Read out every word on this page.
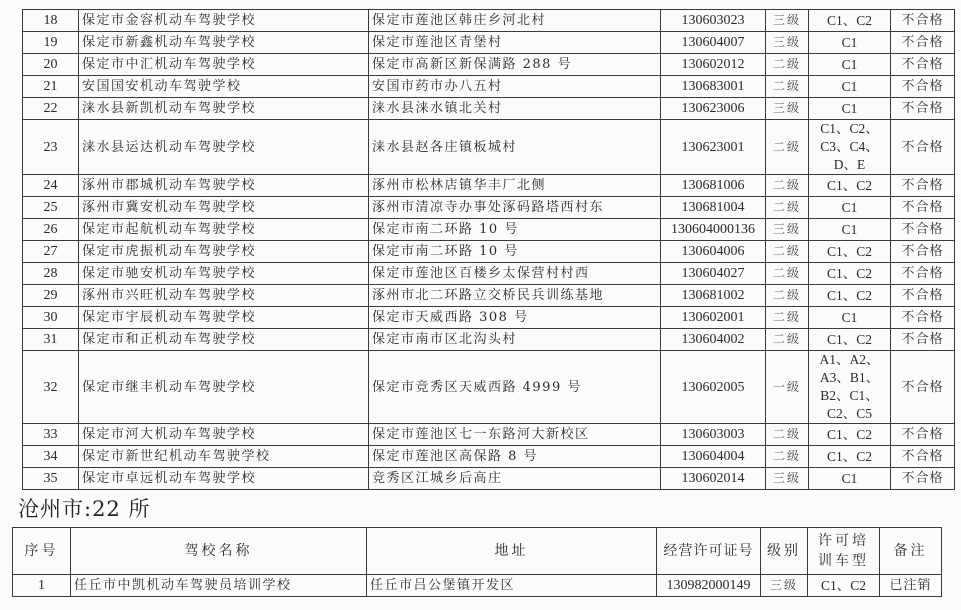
18	保定市金容机动车驾驶学校	保定市莲池区韩庄乡河北村	130603023	三级	C1、C2	不合格
19	保定市新鑫机动车驾驶学校	保定市莲池区青堡村	130604007	三级	C1	不合格
20	保定市中汇机动车驾驶学校	保定市高新区新保满路 288 号	130602012	二级	C1	不合格
21	安国国安机动车驾驶学校	安国市药市办八五村	130683001	二级	C1	不合格
22	涞水县新凯机动车驾驶学校	涞水县涞水镇北关村	130623006	三级	C1	不合格
23	涞水县运达机动车驾驶学校	涞水县赵各庄镇板城村	130623001	二级	C1、C2、C3、C4、D、E	不合格
24	涿州市郡城机动车驾驶学校	涿州市松林店镇华丰厂北侧	130681006	二级	C1、C2	不合格
25	涿州市冀安机动车驾驶学校	涿州市清凉寺办事处涿码路塔西村东	130681004	二级	C1	不合格
26	保定市起航机动车驾驶学校	保定市南二环路 10 号	130604000136	三级	C1	不合格
27	保定市虎振机动车驾驶学校	保定市南二环路 10 号	130604006	二级	C1、C2	不合格
28	保定市驰安机动车驾驶学校	保定市莲池区百楼乡太保营村村西	130604027	二级	C1、C2	不合格
29	涿州市兴旺机动车驾驶学校	涿州市北二环路立交桥民兵训练基地	130681002	二级	C1、C2	不合格
30	保定市宇辰机动车驾驶学校	保定市天威西路 308 号	130602001	二级	C1	不合格
31	保定市和正机动车驾驶学校	保定市南市区北沟头村	130604002	二级	C1、C2	不合格
32	保定市继丰机动车驾驶学校	保定市竞秀区天威西路 4999 号	130602005	一级	A1、A2、A3、B1、B2、C1、C2、C5	不合格
33	保定市河大机动车驾驶学校	保定市莲池区七一东路河大新校区	130603003	二级	C1、C2	不合格
34	保定市新世纪机动车驾驶学校	保定市莲池区高保路 8 号	130604004	二级	C1、C2	不合格
35	保定市卓远机动车驾驶学校	竞秀区江城乡后高庄	130602014	三级	C1	不合格
沧州市:22 所
序号	驾校名称	地址	经营许可证号	级别	许可培训车型	备注
1	任丘市中凯机动车驾驶员培训学校	任丘市吕公堡镇开发区	130982000149	三级	C1、C2	已注销
